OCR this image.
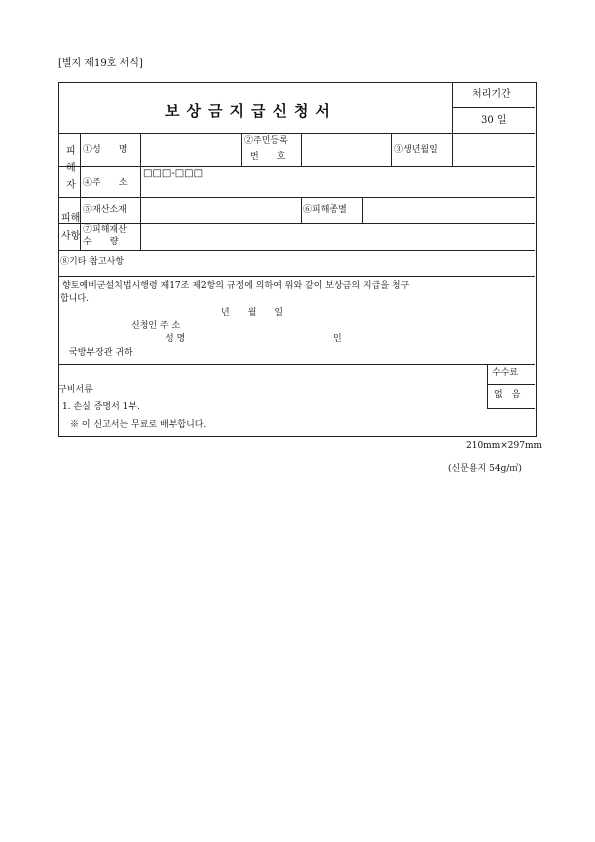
[별지 제19호 서식]
보상금지급신청서
처리기간
30 일
피
해
자
①성　　명
②주민등록
번　　호
③생년월일
④주　　소
□□□-□□□
피해
사항
⑤재산소재	⑥피해종별
⑦피해재산
수　　량
⑧기타 참고사항
향토예비군설치법시행령 제17조 제2항의 규정에 의하여 위와 같이 보상금의 지급을 청구
합니다.
년　　월　　일
신청인 주 소
성 명	인
국방부장관 귀하
구비서류
1. 손실 증명서 1부.
※ 이 신고서는 무료로 배부합니다.
수수료
없　음
210mm×297mm
(신문용지 54g/㎡)
